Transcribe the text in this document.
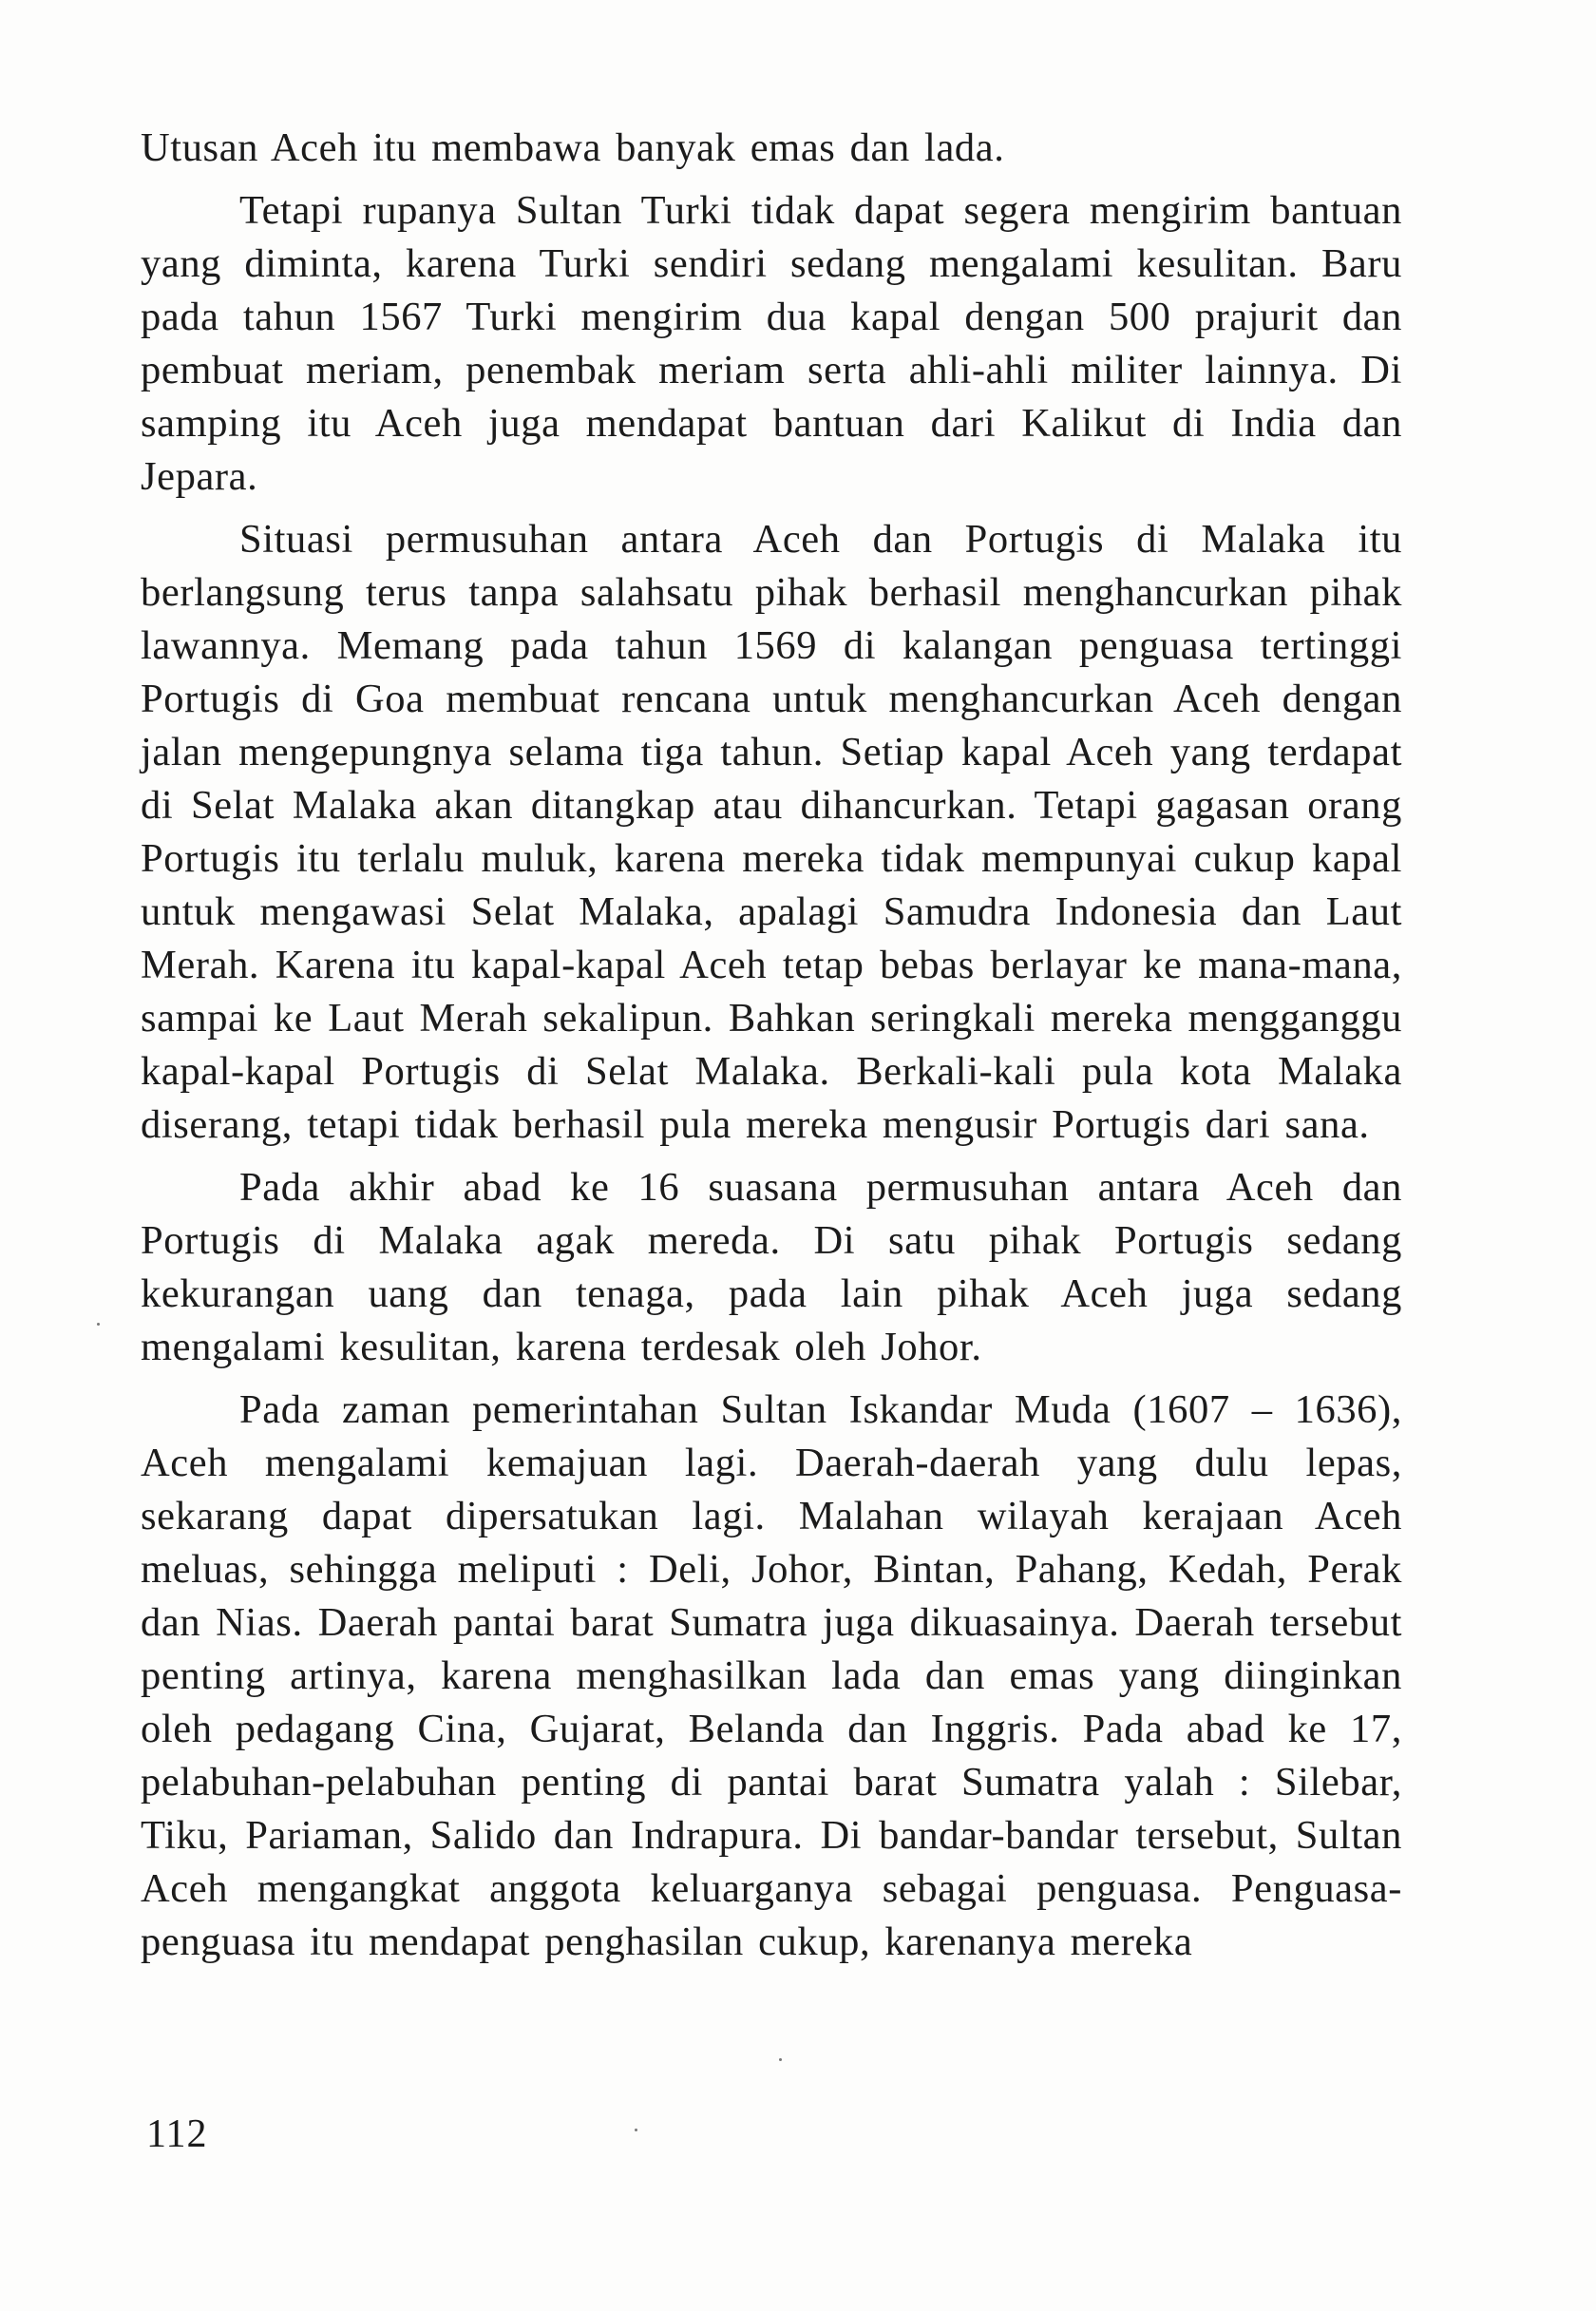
Utusan Aceh itu membawa banyak emas dan lada.

Tetapi rupanya Sultan Turki tidak dapat segera mengirim bantuan yang diminta, karena Turki sendiri sedang mengalami kesulitan. Baru pada tahun 1567 Turki mengirim dua kapal dengan 500 prajurit dan pembuat meriam, penembak meriam serta ahli-ahli militer lainnya. Di samping itu Aceh juga mendapat bantuan dari Kalikut di India dan Jepara.

Situasi permusuhan antara Aceh dan Portugis di Malaka itu berlangsung terus tanpa salahsatu pihak berhasil menghancurkan pihak lawannya. Memang pada tahun 1569 di kalangan penguasa tertinggi Portugis di Goa membuat rencana untuk menghancurkan Aceh dengan jalan mengepungnya selama tiga tahun. Setiap kapal Aceh yang terdapat di Selat Malaka akan ditangkap atau dihancurkan. Tetapi gagasan orang Portugis itu terlalu muluk, karena mereka tidak mempunyai cukup kapal untuk mengawasi Selat Malaka, apalagi Samudra Indonesia dan Laut Merah. Karena itu kapal-kapal Aceh tetap bebas berlayar ke mana-mana, sampai ke Laut Merah sekalipun. Bahkan seringkali mereka mengganggu kapal-kapal Portugis di Selat Malaka. Berkali-kali pula kota Malaka diserang, tetapi tidak berhasil pula mereka mengusir Portugis dari sana.

Pada akhir abad ke 16 suasana permusuhan antara Aceh dan Portugis di Malaka agak mereda. Di satu pihak Portugis sedang kekurangan uang dan tenaga, pada lain pihak Aceh juga sedang mengalami kesulitan, karena terdesak oleh Johor.

Pada zaman pemerintahan Sultan Iskandar Muda (1607 – 1636), Aceh mengalami kemajuan lagi. Daerah-daerah yang dulu lepas, sekarang dapat dipersatukan lagi. Malahan wilayah kerajaan Aceh meluas, sehingga meliputi : Deli, Johor, Bintan, Pahang, Kedah, Perak dan Nias. Daerah pantai barat Sumatra juga dikuasainya. Daerah tersebut penting artinya, karena menghasilkan lada dan emas yang diinginkan oleh pedagang Cina, Gujarat, Belanda dan Inggris. Pada abad ke 17, pelabuhan-pelabuhan penting di pantai barat Sumatra yalah : Silebar, Tiku, Pariaman, Salido dan Indrapura. Di bandar-bandar tersebut, Sultan Aceh mengangkat anggota keluarganya sebagai penguasa. Penguasa-penguasa itu mendapat penghasilan cukup, karenanya mereka

112
